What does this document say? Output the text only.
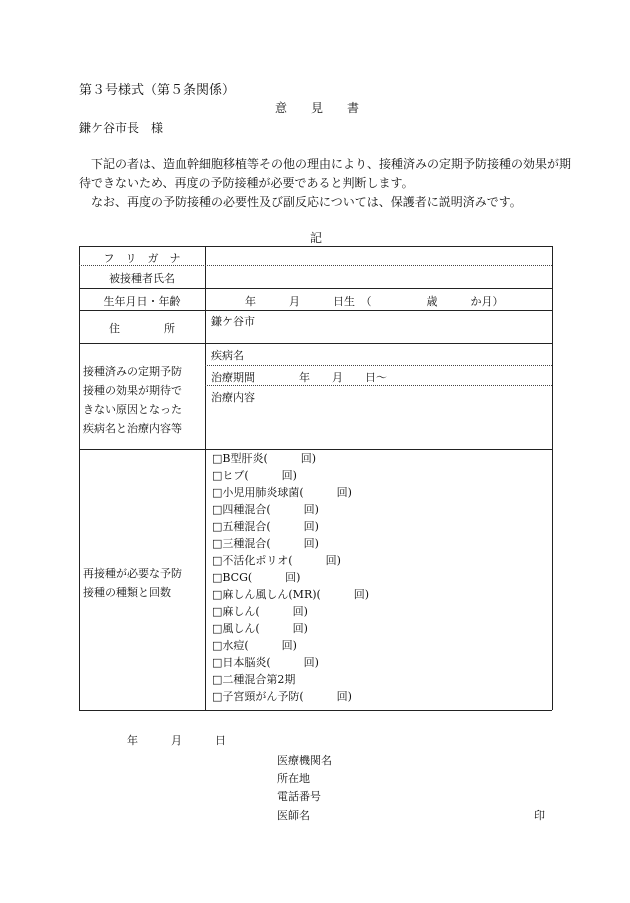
第３号様式（第５条関係）
意　　見　　書
鎌ケ谷市長　様
下記の者は、造血幹細胞移植等その他の理由により、接種済みの定期予防接種の効果が期
待できないため、再度の予防接種が必要であると判断します。
なお、再度の予防接種の必要性及び副反応については、保護者に説明済みです。
記
フ　リ　ガ　ナ
被接種者氏名
生年月日・年齢
住　　　　所
接種済みの定期予防
接種の効果が期待で
きない原因となった
疾病名と治療内容等
再接種が必要な予防
接種の種類と回数
年　　　月　　　日生　（　　　　　歳　　　か月）
鎌ケ谷市
疾病名
治療期間　　　　年　　月　　日～
治療内容
□B型肝炎(　　　回)
□ヒブ(　　　回)
□小児用肺炎球菌(　　　回)
□四種混合(　　　回)
□五種混合(　　　回)
□三種混合(　　　回)
□不活化ポリオ(　　　回)
□BCG(　　　回)
□麻しん風しん(MR)(　　　回)
□麻しん(　　　回)
□風しん(　　　回)
□水痘(　　　回)
□日本脳炎(　　　回)
□二種混合第2期
□子宮頸がん予防(　　　回)
年　　　月　　　日
医療機関名
所在地
電話番号
医師名	印
